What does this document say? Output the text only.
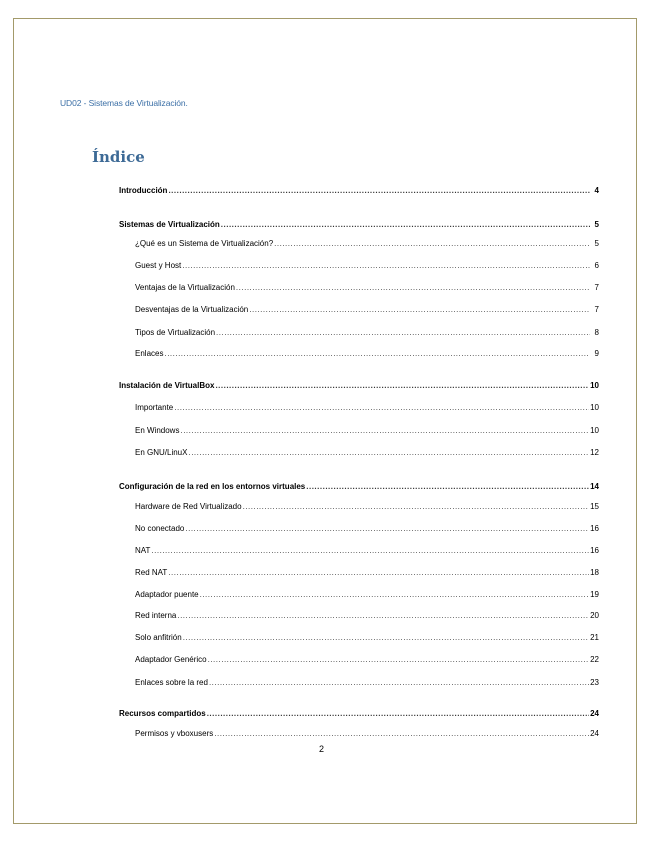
UD02 - Sistemas de Virtualización.
Índice
Introducción .....	4
Sistemas de Virtualización .....	5
¿Qué es un Sistema de Virtualización? .....	5
Guest y Host .....	6
Ventajas de la Virtualización .....	7
Desventajas de la Virtualización .....	7
Tipos de Virtualización .....	8
Enlaces .....	9
Instalación de VirtualBox .....	10
Importante .....	10
En Windows .....	10
En GNU/LinuX .....	12
Configuración de la red en los entornos virtuales .....	14
Hardware de Red Virtualizado .....	15
No conectado .....	16
NAT .....	16
Red NAT .....	18
Adaptador puente .....	19
Red interna .....	20
Solo anfitrión .....	21
Adaptador Genérico .....	22
Enlaces sobre la red .....	23
Recursos compartidos .....	24
Permisos y vboxusers .....	24
2
